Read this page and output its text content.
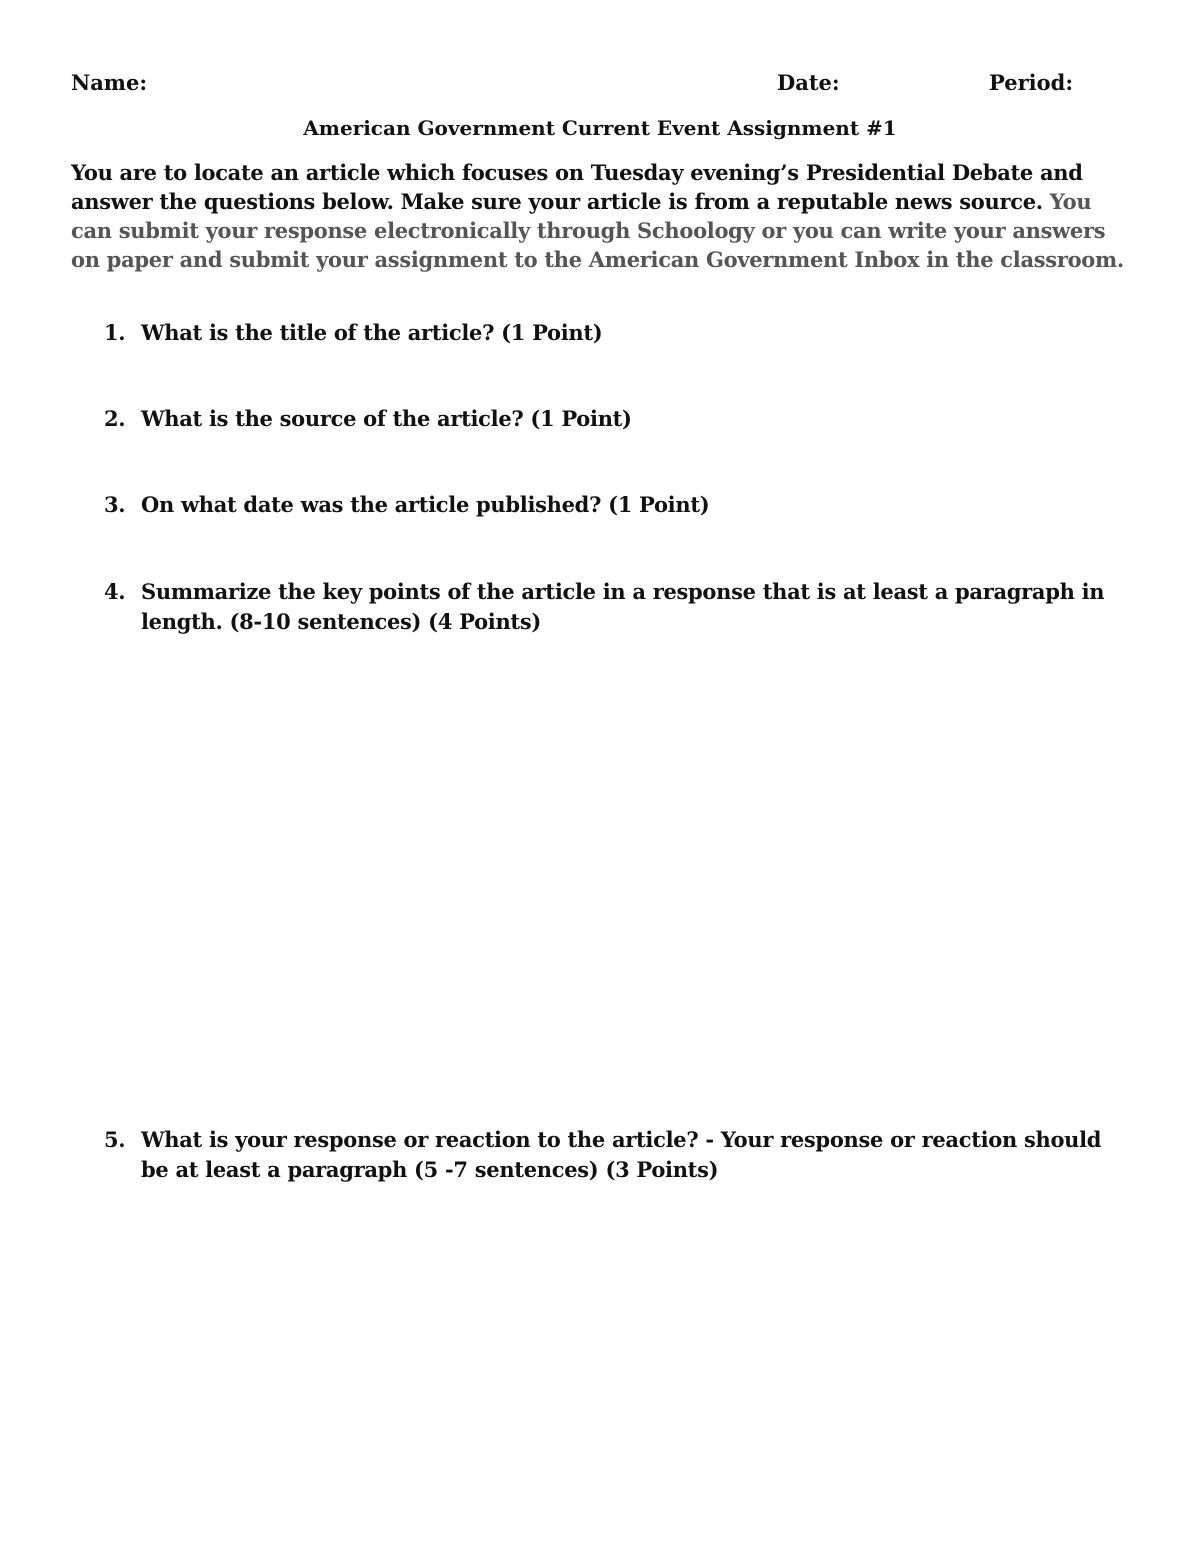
Name:	Date:	Period:
American Government Current Event Assignment #1
You are to locate an article which focuses on Tuesday evening’s Presidential Debate and answer the questions below. Make sure your article is from a reputable news source. You can submit your response electronically through Schoology or you can write your answers on paper and submit your assignment to the American Government Inbox in the classroom.
1. What is the title of the article? (1 Point)
2. What is the source of the article? (1 Point)
3. On what date was the article published? (1 Point)
4. Summarize the key points of the article in a response that is at least a paragraph in length. (8-10 sentences) (4 Points)
5. What is your response or reaction to the article? - Your response or reaction should be at least a paragraph (5 -7 sentences) (3 Points)
